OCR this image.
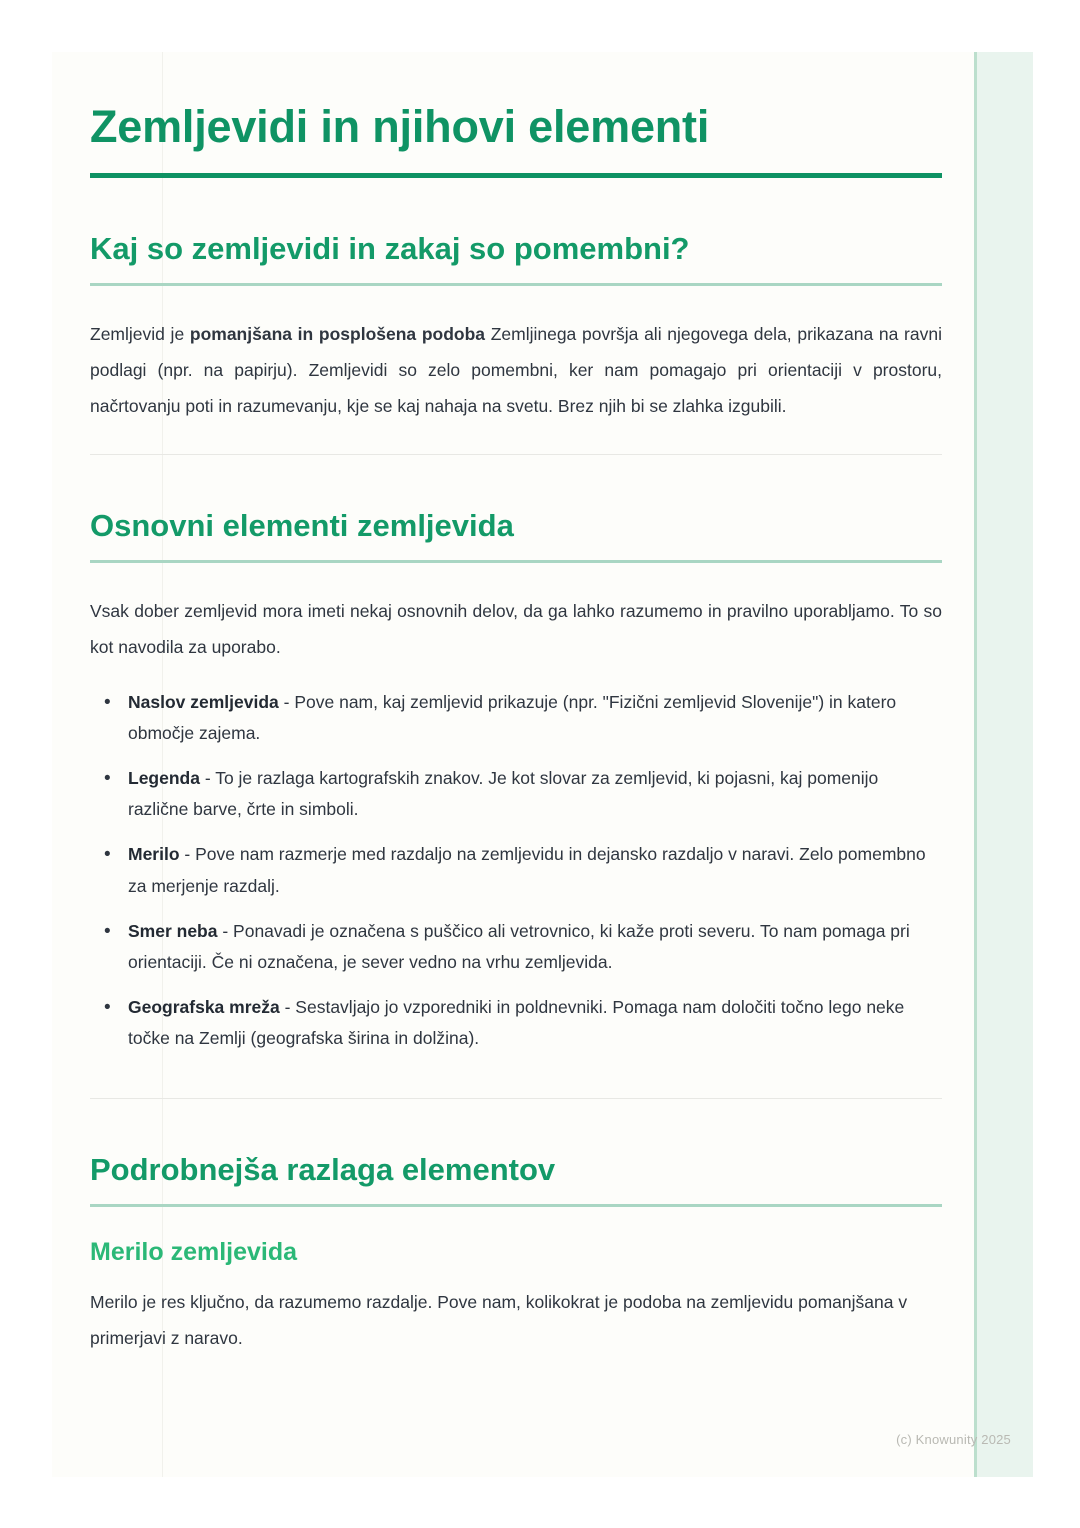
Zemljevidi in njihovi elementi
Kaj so zemljevidi in zakaj so pomembni?

Zemljevid je pomanjšana in posplošena podoba Zemljinega površja ali njegovega dela, prikazana na ravni podlagi (npr. na papirju). Zemljevidi so zelo pomembni, ker nam pomagajo pri orientaciji v prostoru, načrtovanju poti in razumevanju, kje se kaj nahaja na svetu. Brez njih bi se zlahka izgubili.

Osnovni elementi zemljevida

Vsak dober zemljevid mora imeti nekaj osnovnih delov, da ga lahko razumemo in pravilno uporabljamo. To so kot navodila za uporabo.

• Naslov zemljevida - Pove nam, kaj zemljevid prikazuje (npr. "Fizični zemljevid Slovenije") in katero območje zajema.
• Legenda - To je razlaga kartografskih znakov. Je kot slovar za zemljevid, ki pojasni, kaj pomenijo različne barve, črte in simboli.
• Merilo - Pove nam razmerje med razdaljo na zemljevidu in dejansko razdaljo v naravi. Zelo pomembno za merjenje razdalj.
• Smer neba - Ponavadi je označena s puščico ali vetrovnico, ki kaže proti severu. To nam pomaga pri orientaciji. Če ni označena, je sever vedno na vrhu zemljevida.
• Geografska mreža - Sestavljajo jo vzporedniki in poldnevniki. Pomaga nam določiti točno lego neke točke na Zemlji (geografska širina in dolžina).
Podrobnejša razlaga elementov
Merilo zemljevida

Merilo je res ključno, da razumemo razdalje. Pove nam, kolikokrat je podoba na zemljevidu pomanjšana v primerjavi z naravo.

(c) Knowunity 2025
